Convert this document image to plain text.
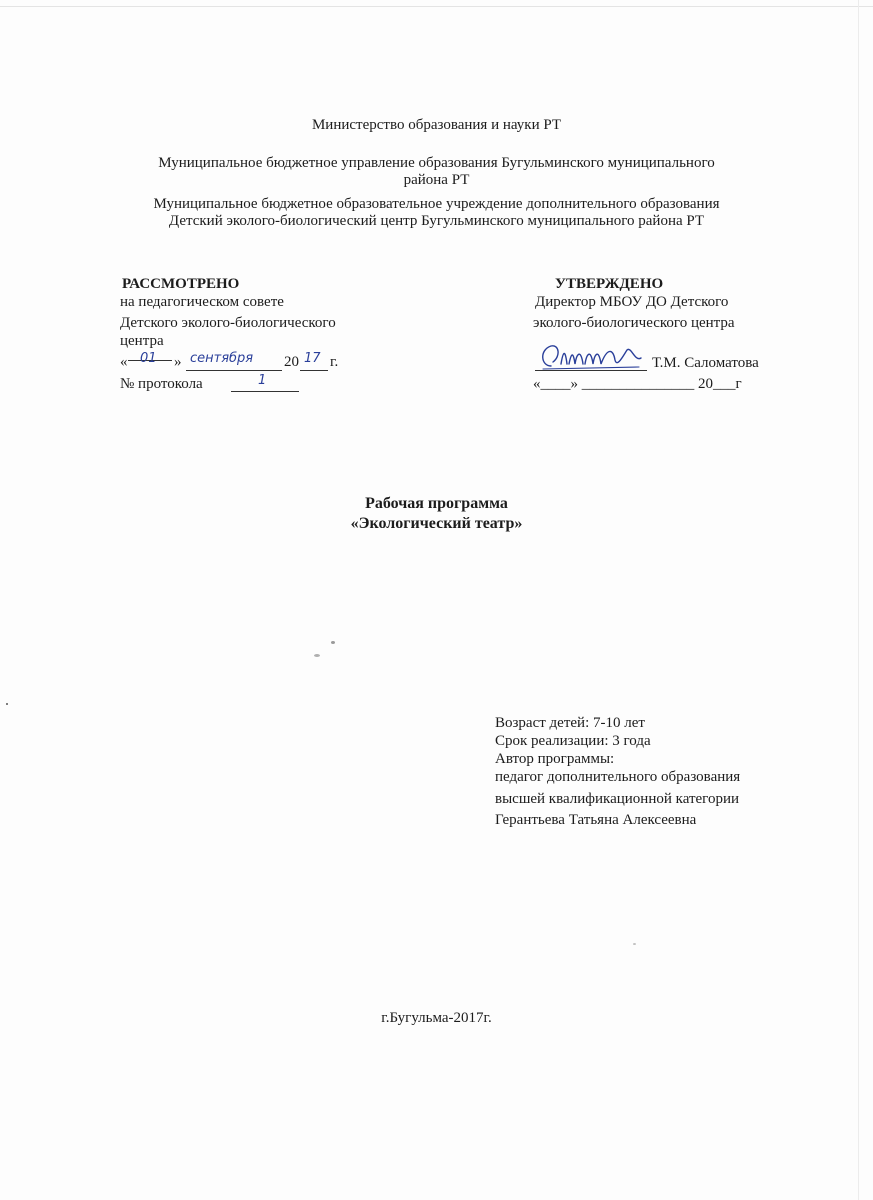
Министерство образования и науки РТ
Муниципальное бюджетное управление образования Бугульминского муниципального
района РТ
Муниципальное бюджетное образовательное учреждение дополнительного образования
Детский эколого-биологический центр Бугульминского муниципального района РТ
РАССМОТРЕНО
на педагогическом совете
Детского эколого-биологического
центра
« 01 » сентября 20 17 г.
№ протокола	1
УТВЕРЖДЕНО
Директор МБОУ ДО Детского
эколого-биологического центра
Т.М. Саломатова
«____» _______________ 20___г
Рабочая программа
«Экологический театр»
Возраст детей: 7-10 лет
Срок реализации: 3 года
Автор программы:
педагог дополнительного образования
высшей квалификационной категории
Герантьева Татьяна Алексеевна
г.Бугульма-2017г.
